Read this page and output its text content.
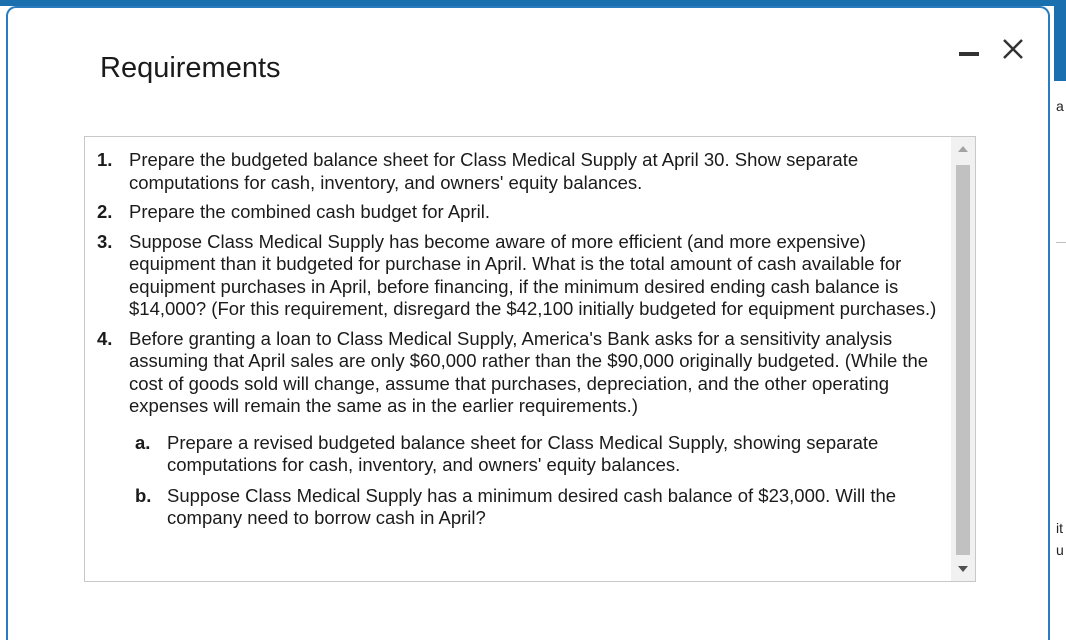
a
it
u
Requirements
1. Prepare the budgeted balance sheet for Class Medical Supply at April 30. Show separate computations for cash, inventory, and owners' equity balances.
2. Prepare the combined cash budget for April.
3. Suppose Class Medical Supply has become aware of more efficient (and more expensive) equipment than it budgeted for purchase in April. What is the total amount of cash available for equipment purchases in April, before financing, if the minimum desired ending cash balance is $14,000? (For this requirement, disregard the $42,100 initially budgeted for equipment purchases.)
4. Before granting a loan to Class Medical Supply, America's Bank asks for a sensitivity analysis assuming that April sales are only $60,000 rather than the $90,000 originally budgeted. (While the cost of goods sold will change, assume that purchases, depreciation, and the other operating expenses will remain the same as in the earlier requirements.)
a. Prepare a revised budgeted balance sheet for Class Medical Supply, showing separate computations for cash, inventory, and owners' equity balances.
b. Suppose Class Medical Supply has a minimum desired cash balance of $23,000. Will the company need to borrow cash in April?
